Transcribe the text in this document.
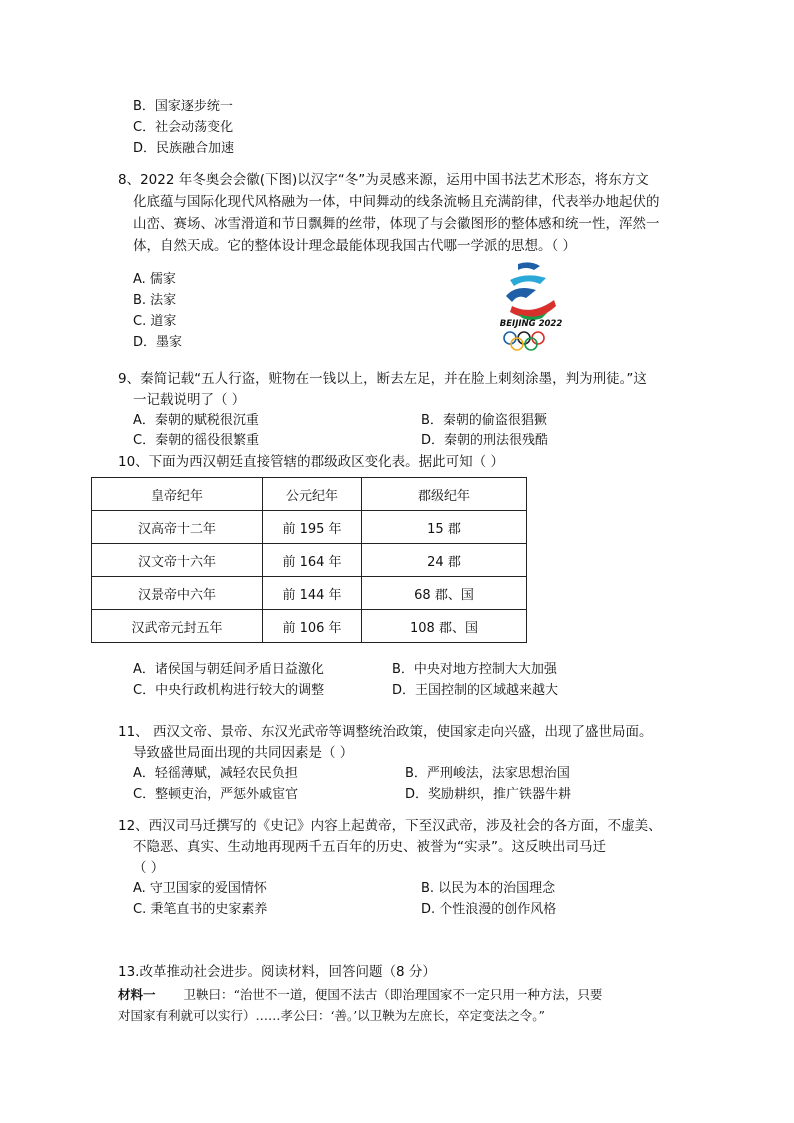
B．国家逐步统一
C．社会动荡变化
D．民族融合加速
8、2022 年冬奥会会徽(下图)以汉字“冬”为灵感来源，运用中国书法艺术形态，将东方文
化底蕴与国际化现代风格融为一体，中间舞动的线条流畅且充满韵律，代表举办地起伏的
山峦、赛场、冰雪滑道和节日飘舞的丝带，体现了与会徽图形的整体感和统一性，浑然一
体，自然天成。它的整体设计理念最能体现我国古代哪一学派的思想。（ ）
A. 儒家
B. 法家
C. 道家
D．墨家
BEIJING 2022
9、秦简记载“五人行盗，赃物在一钱以上，断去左足，并在脸上刺刻涂墨，判为刑徒。”这
一记载说明了（ ）
A．秦朝的赋税很沉重	B．秦朝的偷盗很猖獗
C．秦朝的徭役很繁重	D．秦朝的刑法很残酷
10、下面为西汉朝廷直接管辖的郡级政区变化表。据此可知（ ）
皇帝纪年	公元纪年	郡级纪年
汉高帝十二年	前 195 年	15 郡
汉文帝十六年	前 164 年	24 郡
汉景帝中六年	前 144 年	68 郡、国
汉武帝元封五年	前 106 年	108 郡、国
A．诸侯国与朝廷间矛盾日益激化	B．中央对地方控制大大加强
C．中央行政机构进行较大的调整	D．王国控制的区域越来越大
11、 西汉文帝、景帝、东汉光武帝等调整统治政策，使国家走向兴盛，出现了盛世局面。
导致盛世局面出现的共同因素是（ ）
A．轻徭薄赋，减轻农民负担	B．严刑峻法，法家思想治国
C．整顿吏治，严惩外戚宦官	D．奖励耕织，推广铁器牛耕
12、西汉司马迁撰写的《史记》内容上起黄帝，下至汉武帝，涉及社会的各方面，不虚美、
不隐恶、真实、生动地再现两千五百年的历史、被誉为“实录”。这反映出司马迁
（ ）
A. 守卫国家的爱国情怀	B. 以民为本的治国理念
C. 秉笔直书的史家素养	D. 个性浪漫的创作风格
13.改革推动社会进步。阅读材料，回答问题（8 分）
材料一 卫鞅曰：“治世不一道，便国不法古（即治理国家不一定只用一种方法，只要
对国家有利就可以实行）……孝公曰：‘善。’以卫鞅为左庶长，卒定变法之令。”
